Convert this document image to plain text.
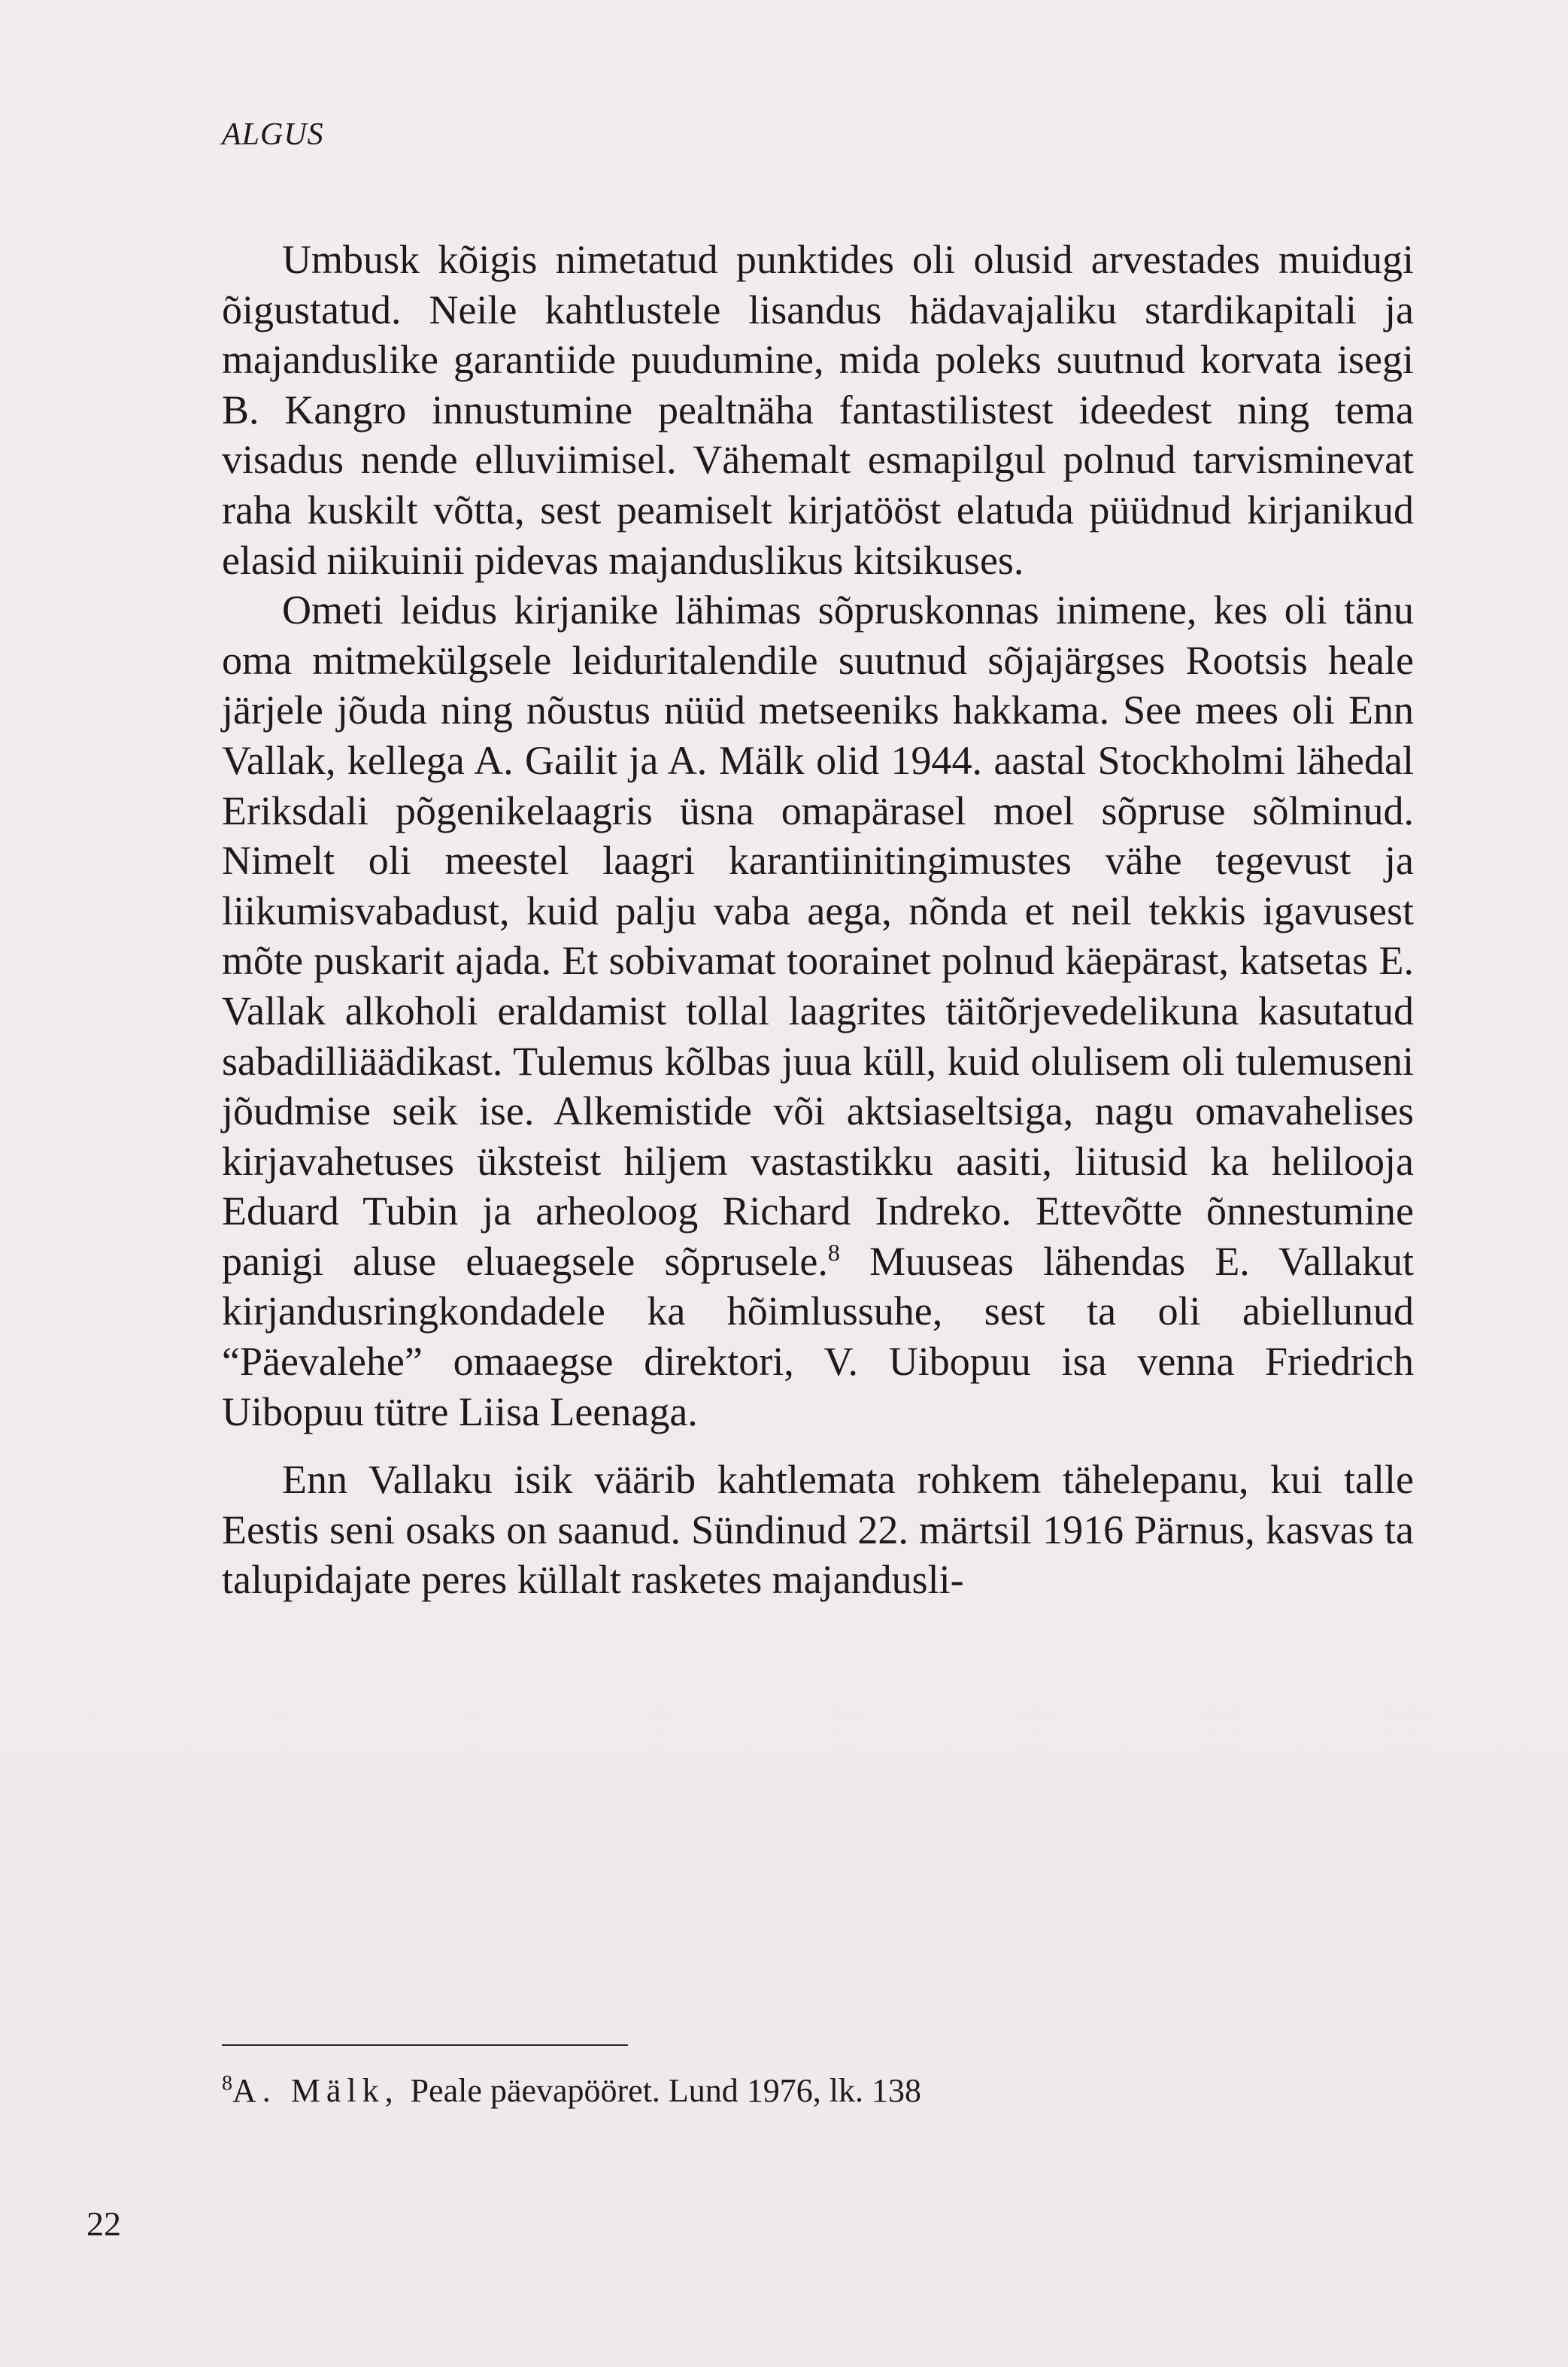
ALGUS

Umbusk kõigis nimetatud punktides oli olusid arvestades muidugi õigustatud. Neile kahtlustele lisandus hädavajaliku stardikapitali ja majanduslike garantiide puudumine, mida poleks suutnud korvata isegi B. Kangro innustumine pealtnäha fantastilistest ideedest ning tema visadus nende elluviimisel. Vähemalt esmapilgul polnud tarvisminevat raha kuskilt võtta, sest peamiselt kirjatööst elatuda püüdnud kirjanikud elasid niikuinii pidevas majanduslikus kitsikuses.

Ometi leidus kirjanike lähimas sõpruskonnas inimene, kes oli tänu oma mitmekülgsele leiduritalendile suutnud sõjajärgses Rootsis heale järjele jõuda ning nõustus nüüd metseeniks hakkama. See mees oli Enn Vallak, kellega A. Gailit ja A. Mälk olid 1944. aastal Stockholmi lähedal Eriksdali põgenikelaagris üsna omapärasel moel sõpruse sõlminud. Nimelt oli meestel laagri karantiinitingimustes vähe tegevust ja liikumisvabadust, kuid palju vaba aega, nõnda et neil tekkis igavusest mõte puskarit ajada. Et sobivamat toorainet polnud käepärast, katsetas E. Vallak alkoholi eraldamist tollal laagrites täitõrjevedelikuna kasutatud sabadilliäädikast. Tulemus kõlbas juua küll, kuid olulisem oli tulemuseni jõudmise seik ise. Alkemistide või aktsiaseltsiga, nagu omavahelises kirjavahetuses üksteist hiljem vastastikku aasiti, liitusid ka helilooja Eduard Tubin ja arheoloog Richard Indreko. Ettevõtte õnnestumine panigi aluse eluaegsele sõprusele.$^8$ Muuseas lähendas E. Vallakut kirjandusringkondadele ka hõimlussuhe, sest ta oli abiellunud “Päevalehe” omaaegse direktori, V. Uibopuu isa venna Friedrich Uibopuu tütre Liisa Leenaga.

Enn Vallaku isik väärib kahtlemata rohkem tähelepanu, kui talle Eestis seni osaks on saanud. Sündinud 22. märtsil 1916 Pärnus, kasvas ta talupidajate peres küllalt rasketes majandusli-

$^8$A. Mälk, Peale päevapööret. Lund 1976, lk. 138
22
